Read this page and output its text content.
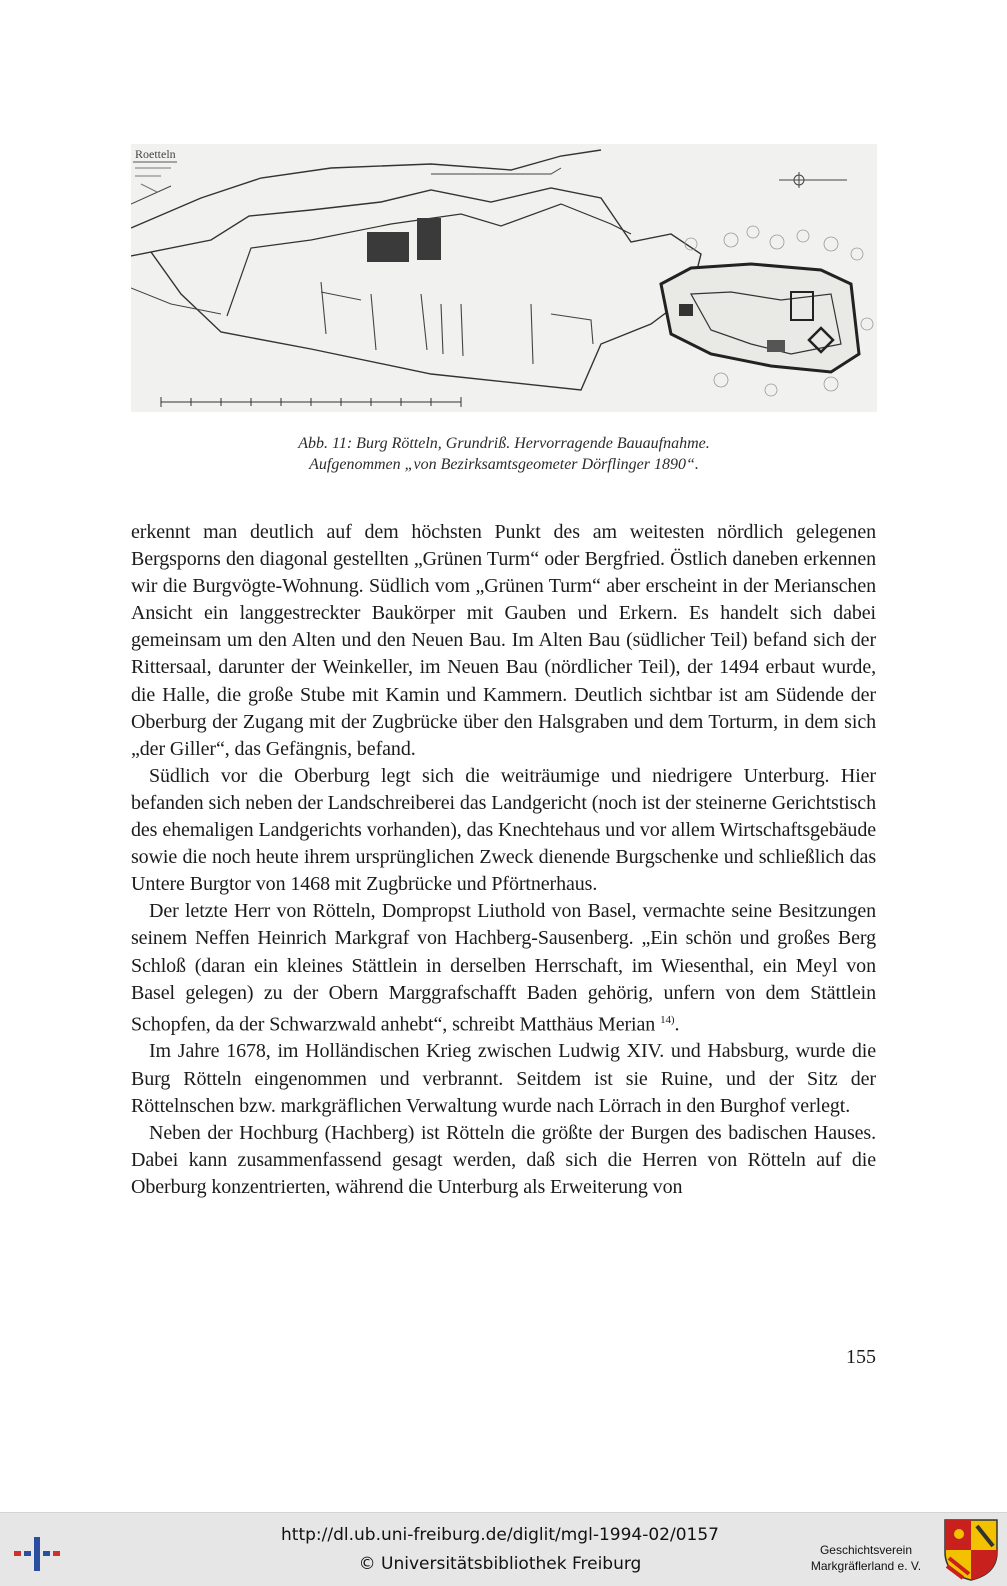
Roetteln
Abb. 11: Burg Rötteln, Grundriß. Hervorragende Bauaufnahme.
Aufgenommen „von Bezirksamtsgeometer Dörflinger 1890“.

erkennt man deutlich auf dem höchsten Punkt des am weitesten nördlich gelegenen Bergsporns den diagonal gestellten „Grünen Turm“ oder Bergfried. Östlich daneben erkennen wir die Burgvögte-Wohnung. Südlich vom „Grünen Turm“ aber erscheint in der Merianschen Ansicht ein langgestreckter Baukörper mit Gauben und Erkern. Es handelt sich dabei gemeinsam um den Alten und den Neuen Bau. Im Alten Bau (südlicher Teil) befand sich der Rittersaal, darunter der Weinkeller, im Neuen Bau (nördlicher Teil), der 1494 erbaut wurde, die Halle, die große Stube mit Kamin und Kammern. Deutlich sichtbar ist am Südende der Oberburg der Zugang mit der Zugbrücke über den Halsgraben und dem Torturm, in dem sich „der Giller“, das Gefängnis, befand.

Südlich vor die Oberburg legt sich die weiträumige und niedrigere Unterburg. Hier befanden sich neben der Landschreiberei das Landgericht (noch ist der steinerne Gerichtstisch des ehemaligen Landgerichts vorhanden), das Knechtehaus und vor allem Wirtschaftsgebäude sowie die noch heute ihrem ursprünglichen Zweck dienende Burgschenke und schließlich das Untere Burgtor von 1468 mit Zugbrücke und Pförtnerhaus.

Der letzte Herr von Rötteln, Dompropst Liuthold von Basel, vermachte seine Besitzungen seinem Neffen Heinrich Markgraf von Hachberg-Sausenberg. „Ein schön und großes Berg Schloß (daran ein kleines Stättlein in derselben Herrschaft, im Wiesenthal, ein Meyl von Basel gelegen) zu der Obern Marggrafschafft Baden gehörig, unfern von dem Stättlein Schopfen, da der Schwarzwald anhebt“, schreibt Matthäus Merian $^{14)}$.

Im Jahre 1678, im Holländischen Krieg zwischen Ludwig XIV. und Habsburg, wurde die Burg Rötteln eingenommen und verbrannt. Seitdem ist sie Ruine, und der Sitz der Röttelnschen bzw. markgräflichen Verwaltung wurde nach Lörrach in den Burghof verlegt.

Neben der Hochburg (Hachberg) ist Rötteln die größte der Burgen des badischen Hauses. Dabei kann zusammenfassend gesagt werden, daß sich die Herren von Rötteln auf die Oberburg konzentrierten, während die Unterburg als Erweiterung von

155
http://dl.ub.uni-freiburg.de/diglit/mgl-1994-02/0157
© Universitätsbibliothek Freiburg
Geschichtsverein
Markgräflerland e. V.
